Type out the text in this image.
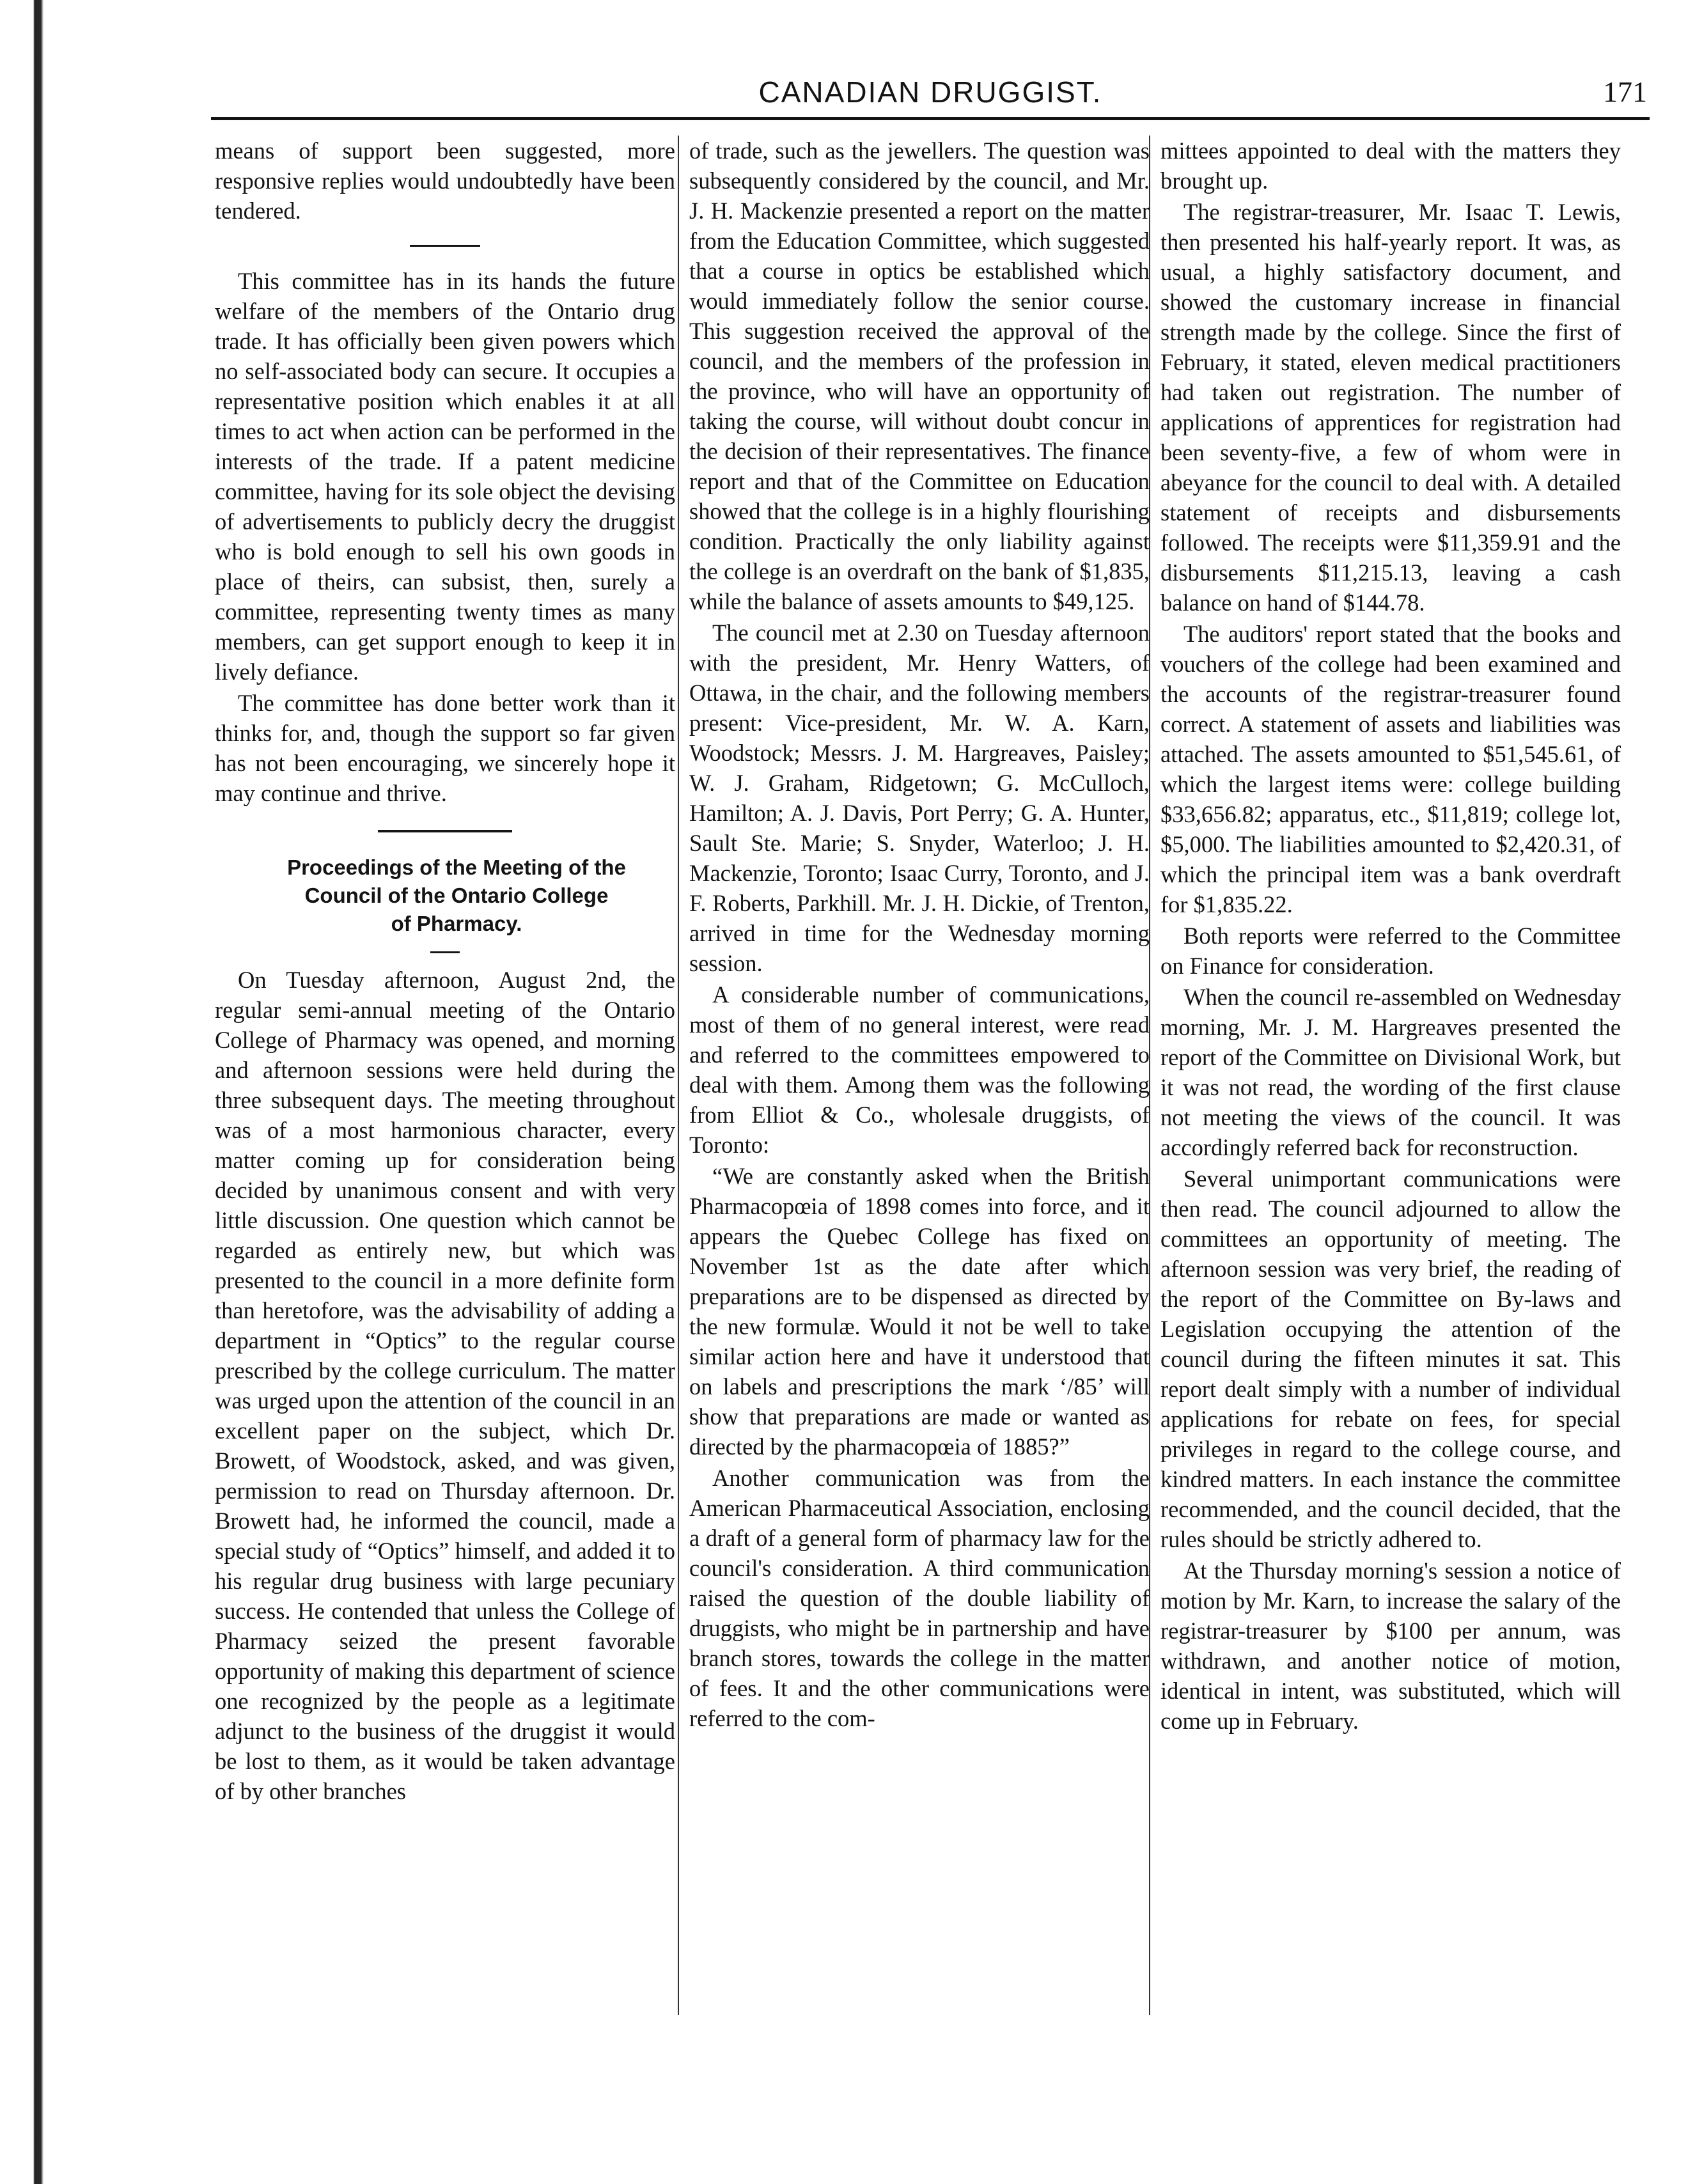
CANADIAN DRUGGIST.	171

means of support been suggested, more responsive replies would undoubtedly have been tendered.

This committee has in its hands the future welfare of the members of the Ontario drug trade. It has officially been given powers which no self-associated body can secure. It occupies a representative position which enables it at all times to act when action can be performed in the interests of the trade. If a patent medicine committee, having for its sole object the devising of advertisements to publicly decry the druggist who is bold enough to sell his own goods in place of theirs, can subsist, then, surely a committee, representing twenty times as many members, can get support enough to keep it in lively defiance.

The committee has done better work than it thinks for, and, though the support so far given has not been encouraging, we sincerely hope it may continue and thrive.

Proceedings of the Meeting of the

Council of the Ontario College

of Pharmacy.

On Tuesday afternoon, August 2nd, the regular semi-annual meeting of the Ontario College of Pharmacy was opened, and morning and afternoon sessions were held during the three subsequent days. The meeting throughout was of a most harmonious character, every matter coming up for consideration being decided by unanimous consent and with very little discussion. One question which cannot be regarded as entirely new, but which was presented to the council in a more definite form than heretofore, was the advisability of adding a department in “Optics” to the regular course prescribed by the college curriculum. The matter was urged upon the attention of the council in an excellent paper on the subject, which Dr. Browett, of Woodstock, asked, and was given, permission to read on Thursday afternoon. Dr. Browett had, he informed the council, made a special study of “Optics” himself, and added it to his regular drug business with large pecuniary success. He contended that unless the College of Pharmacy seized the present favorable opportunity of making this department of science one recognized by the people as a legitimate adjunct to the business of the druggist it would be lost to them, as it would be taken advantage of by other branches

of trade, such as the jewellers. The question was subsequently considered by the council, and Mr. J. H. Mackenzie presented a report on the matter from the Education Committee, which suggested that a course in optics be established which would immediately follow the senior course. This suggestion received the approval of the council, and the members of the profession in the province, who will have an opportunity of taking the course, will without doubt concur in the decision of their representatives. The finance report and that of the Committee on Education showed that the college is in a highly flourishing condition. Practically the only liability against the college is an overdraft on the bank of $1,835, while the balance of assets amounts to $49,125.

The council met at 2.30 on Tuesday afternoon with the president, Mr. Henry Watters, of Ottawa, in the chair, and the following members present: Vice-president, Mr. W. A. Karn, Woodstock; Messrs. J. M. Hargreaves, Paisley; W. J. Graham, Ridgetown; G. McCulloch, Hamilton; A. J. Davis, Port Perry; G. A. Hunter, Sault Ste. Marie; S. Snyder, Waterloo; J. H. Mackenzie, Toronto; Isaac Curry, Toronto, and J. F. Roberts, Parkhill. Mr. J. H. Dickie, of Trenton, arrived in time for the Wednesday morning session.

A considerable number of communications, most of them of no general interest, were read and referred to the committees empowered to deal with them. Among them was the following from Elliot & Co., wholesale druggists, of Toronto:

“We are constantly asked when the British Pharmacopœia of 1898 comes into force, and it appears the Quebec College has fixed on November 1st as the date after which preparations are to be dispensed as directed by the new formulæ. Would it not be well to take similar action here and have it understood that on labels and prescriptions the mark ‘/85’ will show that preparations are made or wanted as directed by the pharmacopœia of 1885?”

Another communication was from the American Pharmaceutical Association, enclosing a draft of a general form of pharmacy law for the council's consideration. A third communication raised the question of the double liability of druggists, who might be in partnership and have branch stores, towards the college in the matter of fees. It and the other communications were referred to the com-

mittees appointed to deal with the matters they brought up.

The registrar-treasurer, Mr. Isaac T. Lewis, then presented his half-yearly report. It was, as usual, a highly satisfactory document, and showed the customary increase in financial strength made by the college. Since the first of February, it stated, eleven medical practitioners had taken out registration. The number of applications of apprentices for registration had been seventy-five, a few of whom were in abeyance for the council to deal with. A detailed statement of receipts and disbursements followed. The receipts were $11,359.91 and the disbursements $11,215.13, leaving a cash balance on hand of $144.78.

The auditors' report stated that the books and vouchers of the college had been examined and the accounts of the registrar-treasurer found correct. A statement of assets and liabilities was attached. The assets amounted to $51,545.61, of which the largest items were: college building $33,656.82; apparatus, etc., $11,819; college lot, $5,000. The liabilities amounted to $2,420.31, of which the principal item was a bank overdraft for $1,835.22.

Both reports were referred to the Committee on Finance for consideration.

When the council re-assembled on Wednesday morning, Mr. J. M. Hargreaves presented the report of the Committee on Divisional Work, but it was not read, the wording of the first clause not meeting the views of the council. It was accordingly referred back for reconstruction.

Several unimportant communications were then read. The council adjourned to allow the committees an opportunity of meeting. The afternoon session was very brief, the reading of the report of the Committee on By-laws and Legislation occupying the attention of the council during the fifteen minutes it sat. This report dealt simply with a number of individual applications for rebate on fees, for special privileges in regard to the college course, and kindred matters. In each instance the committee recommended, and the council decided, that the rules should be strictly adhered to.

At the Thursday morning's session a notice of motion by Mr. Karn, to increase the salary of the registrar-treasurer by $100 per annum, was withdrawn, and another notice of motion, identical in intent, was substituted, which will come up in February.
